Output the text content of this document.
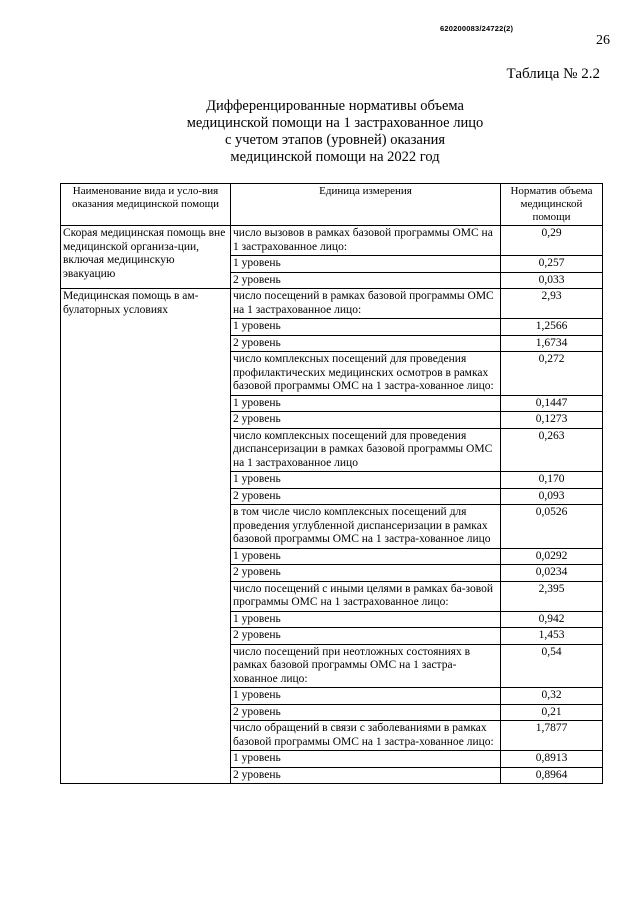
620200083/24722(2)
26
Таблица № 2.2
Дифференцированные нормативы объема
медицинской помощи на 1 застрахованное лицо
с учетом этапов (уровней) оказания
медицинской помощи на 2022 год
Наименование вида и усло-вия оказания медицинской помощи	Единица измерения	Норматив объема медицинской помощи
Скорая медицинская помощь вне медицинской организа-ции, включая медицинскую эвакуацию	число вызовов в рамках базовой программы ОМС на 1 застрахованное лицо:	0,29
	1 уровень	0,257
	2 уровень	0,033
Медицинская помощь в ам-булаторных условиях	число посещений в рамках базовой программы ОМС на 1 застрахованное лицо:	2,93
	1 уровень	1,2566
	2 уровень	1,6734
	число комплексных посещений для проведения профилактических медицинских осмотров в рамках базовой программы ОМС на 1 застра-хованное лицо:	0,272
	1 уровень	0,1447
	2 уровень	0,1273
	число комплексных посещений для проведения диспансеризации в рамках базовой программы ОМС на 1 застрахованное лицо	0,263
	1 уровень	0,170
	2 уровень	0,093
	в том числе число комплексных посещений для проведения углубленной диспансеризации в рамках базовой программы ОМС на 1 застра-хованное лицо	0,0526
	1 уровень	0,0292
	2 уровень	0,0234
	число посещений с иными целями в рамках ба-зовой программы ОМС на 1 застрахованное лицо:	2,395
	1 уровень	0,942
	2 уровень	1,453
	число посещений при неотложных состояниях в рамках базовой программы ОМС на 1 застра-хованное лицо:	0,54
	1 уровень	0,32
	2 уровень	0,21
	число обращений в связи с заболеваниями в рамках базовой программы ОМС на 1 застра-хованное лицо:	1,7877
	1 уровень	0,8913
	2 уровень	0,8964
